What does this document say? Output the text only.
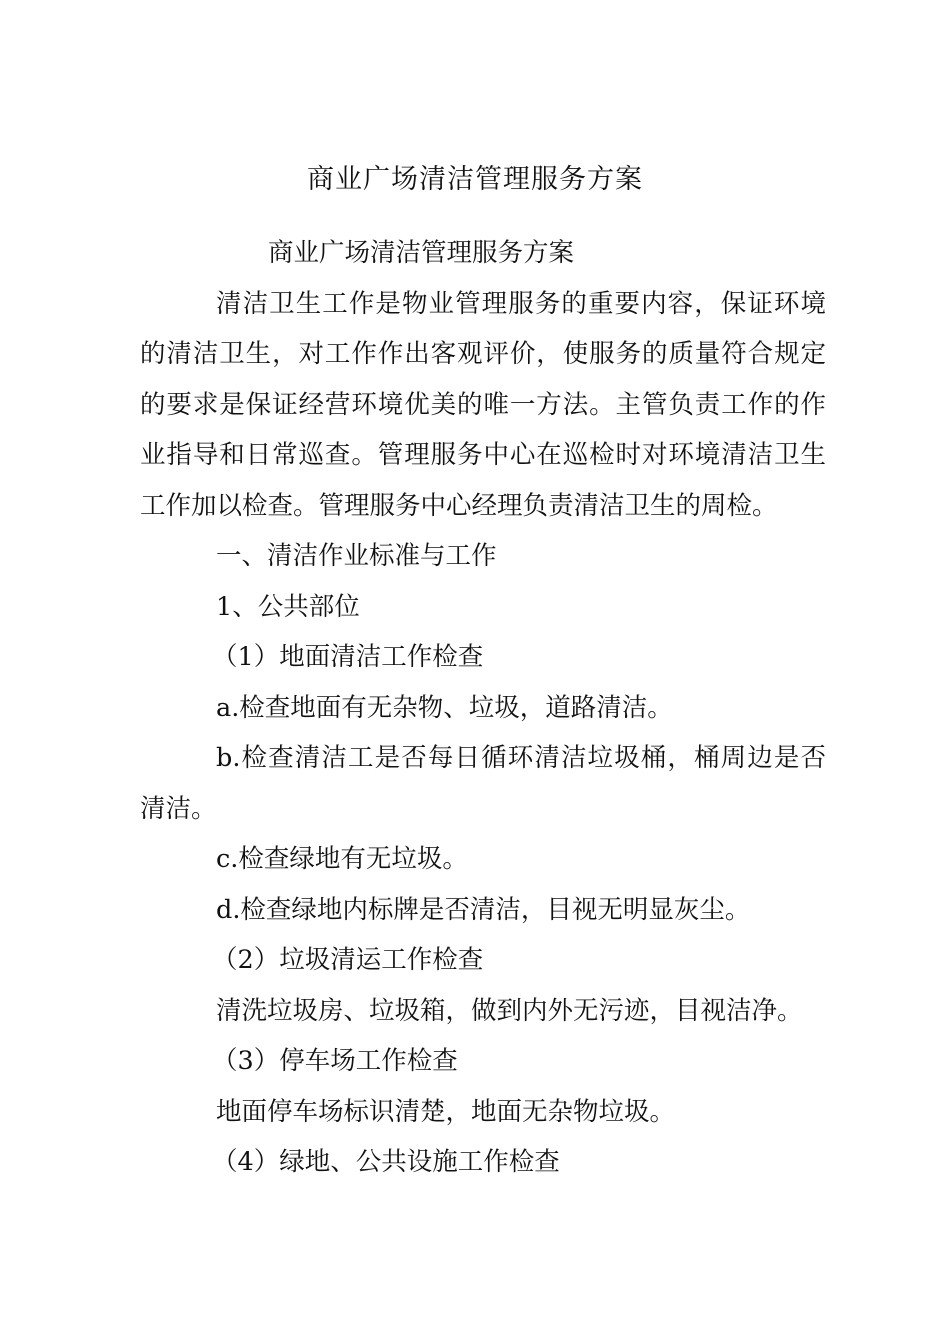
商业广场清洁管理服务方案

商业广场清洁管理服务方案

清洁卫生工作是物业管理服务的重要内容，保证环境的清洁卫生，对工作作出客观评价，使服务的质量符合规定的要求是保证经营环境优美的唯一方法。主管负责工作的作业指导和日常巡查。管理服务中心在巡检时对环境清洁卫生工作加以检查。管理服务中心经理负责清洁卫生的周检。

一、清洁作业标准与工作

1、公共部位

（1）地面清洁工作检查

a.检查地面有无杂物、垃圾，道路清洁。

b.检查清洁工是否每日循环清洁垃圾桶，桶周边是否清洁。

c.检查绿地有无垃圾。

d.检查绿地内标牌是否清洁，目视无明显灰尘。

（2）垃圾清运工作检查

清洗垃圾房、垃圾箱，做到内外无污迹，目视洁净。

（3）停车场工作检查

地面停车场标识清楚，地面无杂物垃圾。

（4）绿地、公共设施工作检查
